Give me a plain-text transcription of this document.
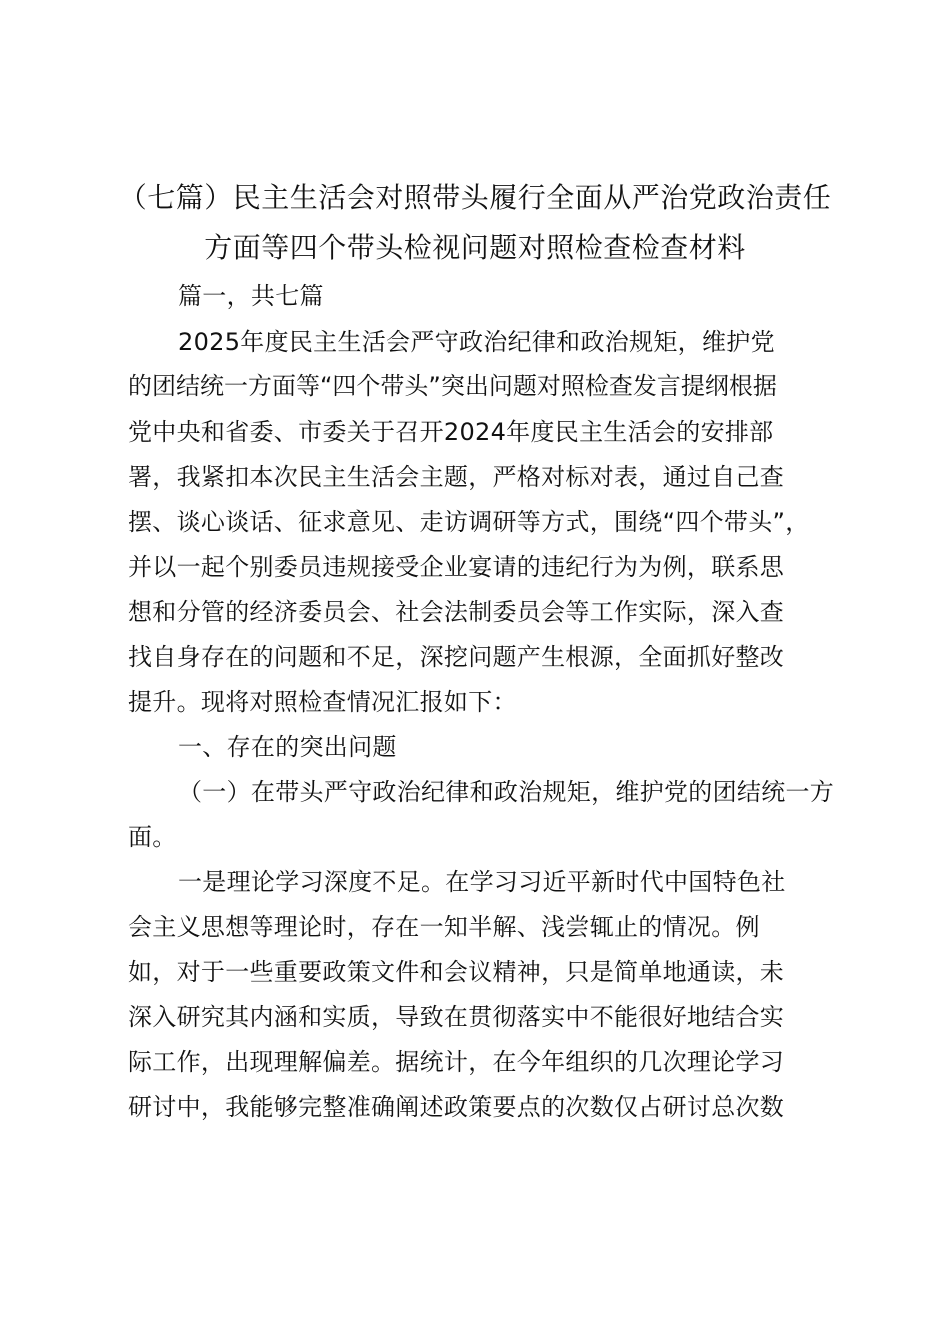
（七篇）民主生活会对照带头履行全面从严治党政治责任
方面等四个带头检视问题对照检查检查材料
篇一，共七篇
2025年度民主生活会严守政治纪律和政治规矩，维护党
的团结统一方面等“四个带头”突出问题对照检查发言提纲根据
党中央和省委、市委关于召开2024年度民主生活会的安排部
署，我紧扣本次民主生活会主题，严格对标对表，通过自己查
摆、谈心谈话、征求意见、走访调研等方式，围绕“四个带头”，
并以一起个别委员违规接受企业宴请的违纪行为为例，联系思
想和分管的经济委员会、社会法制委员会等工作实际，深入查
找自身存在的问题和不足，深挖问题产生根源，全面抓好整改
提升。现将对照检查情况汇报如下：
一、存在的突出问题
（一）在带头严守政治纪律和政治规矩，维护党的团结统一方
面。
一是理论学习深度不足。在学习习近平新时代中国特色社
会主义思想等理论时，存在一知半解、浅尝辄止的情况。例
如，对于一些重要政策文件和会议精神，只是简单地通读，未
深入研究其内涵和实质，导致在贯彻落实中不能很好地结合实
际工作，出现理解偏差。据统计，在今年组织的几次理论学习
研讨中，我能够完整准确阐述政策要点的次数仅占研讨总次数
